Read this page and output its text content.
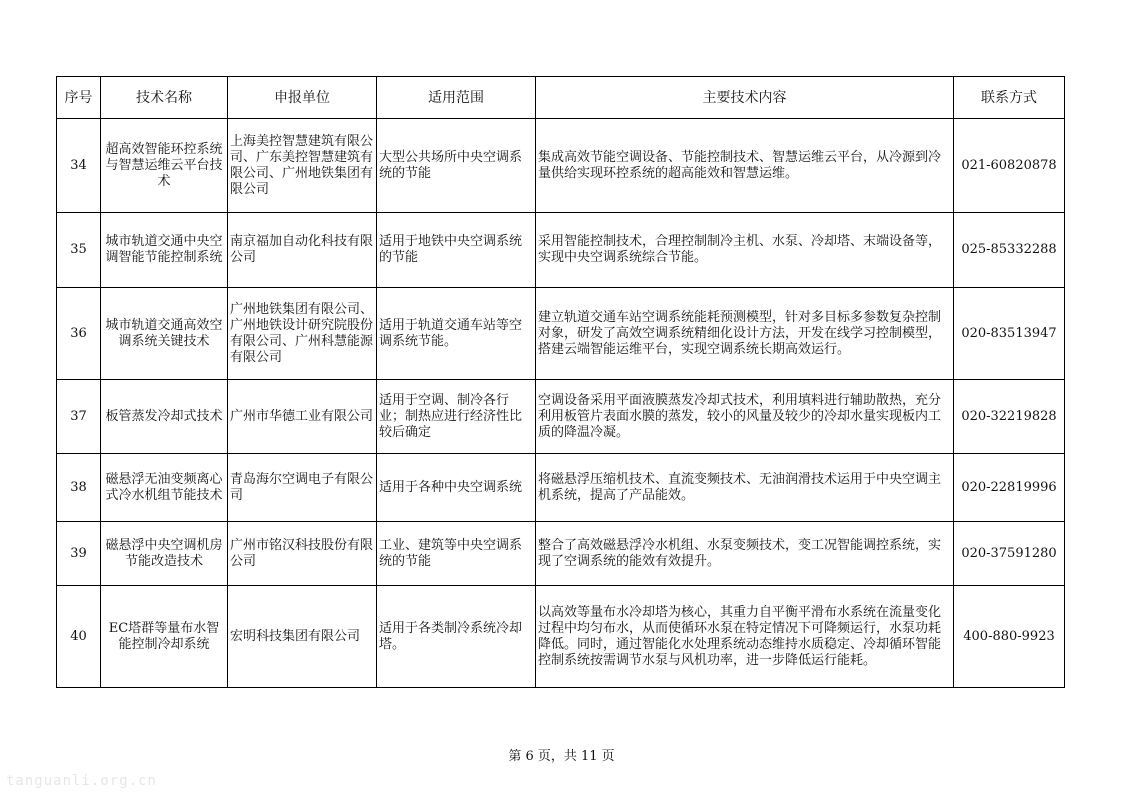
序号	技术名称	申报单位	适用范围	主要技术内容	联系方式
34	超高效智能环控系统与智慧运维云平台技术	上海美控智慧建筑有限公司、广东美控智慧建筑有限公司、广州地铁集团有限公司	大型公共场所中央空调系统的节能	集成高效节能空调设备、节能控制技术、智慧运维云平台，从冷源到冷量供给实现环控系统的超高能效和智慧运维。	021-60820878
35	城市轨道交通中央空调智能节能控制系统	南京福加自动化科技有限公司	适用于地铁中央空调系统的节能	采用智能控制技术，合理控制制冷主机、水泵、冷却塔、末端设备等，实现中央空调系统综合节能。	025-85332288
36	城市轨道交通高效空调系统关键技术	广州地铁集团有限公司、广州地铁设计研究院股份有限公司、广州科慧能源有限公司	适用于轨道交通车站等空调系统节能。	建立轨道交通车站空调系统能耗预测模型，针对多目标多参数复杂控制对象，研发了高效空调系统精细化设计方法，开发在线学习控制模型，搭建云端智能运维平台，实现空调系统长期高效运行。	020-83513947
37	板管蒸发冷却式技术	广州市华德工业有限公司	适用于空调、制冷各行业；制热应进行经济性比较后确定	空调设备采用平面液膜蒸发冷却式技术，利用填料进行辅助散热，充分利用板管片表面水膜的蒸发，较小的风量及较少的冷却水量实现板内工质的降温冷凝。	020-32219828
38	磁悬浮无油变频离心式冷水机组节能技术	青岛海尔空调电子有限公司	适用于各种中央空调系统	将磁悬浮压缩机技术、直流变频技术、无油润滑技术运用于中央空调主机系统，提高了产品能效。	020-22819996
39	磁悬浮中央空调机房节能改造技术	广州市铭汉科技股份有限公司	工业、建筑等中央空调系统的节能	整合了高效磁悬浮冷水机组、水泵变频技术，变工况智能调控系统，实现了空调系统的能效有效提升。	020-37591280
40	EC塔群等量布水智能控制冷却系统	宏明科技集团有限公司	适用于各类制冷系统冷却塔。	以高效等量布水冷却塔为核心，其重力自平衡平滑布水系统在流量变化过程中均匀布水，从而使循环水泵在特定情况下可降频运行，水泵功耗降低。同时，通过智能化水处理系统动态维持水质稳定、冷却循环智能控制系统按需调节水泵与风机功率，进一步降低运行能耗。	400-880-9923
第 6 页，共 11 页
tanguanli.org.cn
